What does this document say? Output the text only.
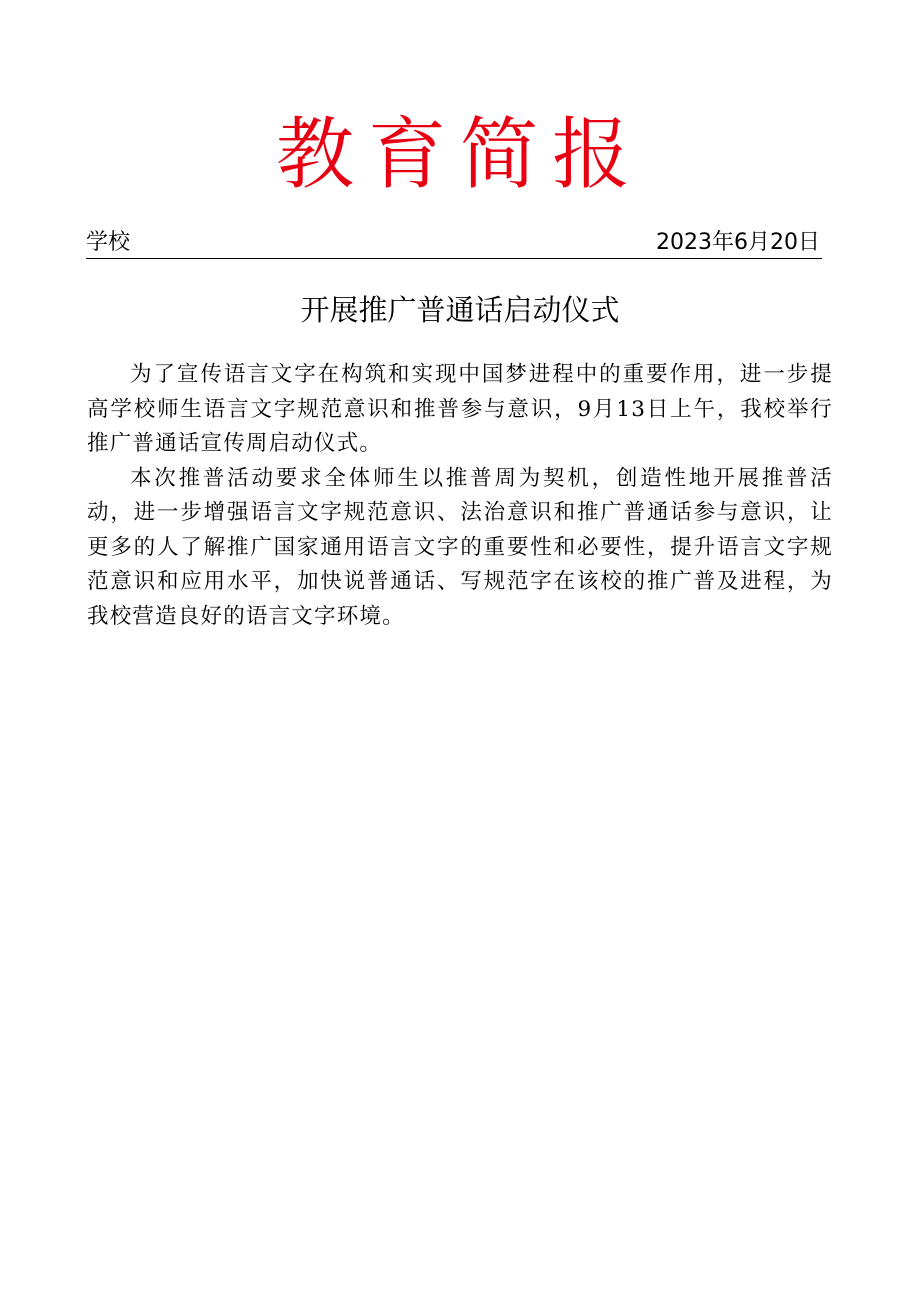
教育简报
学校	2023年6月20日
开展推广普通话启动仪式

为了宣传语言文字在构筑和实现中国梦进程中的重要作用，进一步提高学校师生语言文字规范意识和推普参与意识，9月13日上午，我校举行推广普通话宣传周启动仪式。

本次推普活动要求全体师生以推普周为契机，创造性地开展推普活动，进一步增强语言文字规范意识、法治意识和推广普通话参与意识，让更多的人了解推广国家通用语言文字的重要性和必要性，提升语言文字规范意识和应用水平，加快说普通话、写规范字在该校的推广普及进程，为我校营造良好的语言文字环境。
